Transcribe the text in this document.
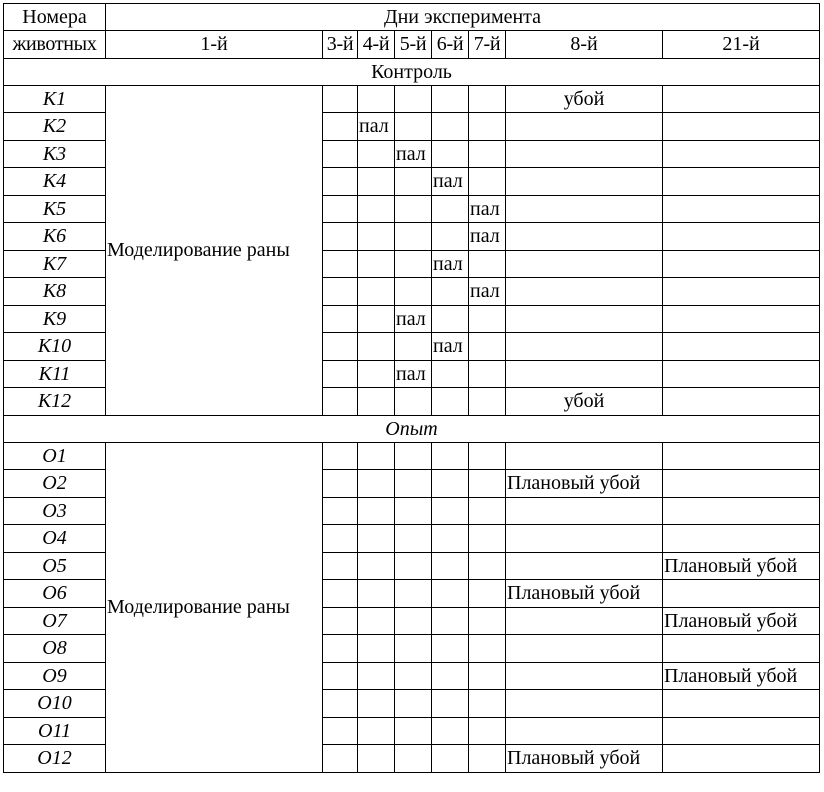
Номера	Дни эксперимента							
животных	1-й	3-й	4-й	5-й	6-й	7-й	8-й	21-й
Контроль								
К1	Моделирование раны						убой	
К2			пал					
К3				пал				
К4					пал			
К5						пал		
К6						пал		
К7					пал			
К8						пал		
К9				пал				
К10					пал			
К11				пал				
К12							убой	
Опыт								
О1	Моделирование раны							
О2							Плановый убой	
О3								
О4								
О5								Плановый убой
О6							Плановый убой	
О7								Плановый убой
О8								
О9								Плановый убой
О10								
О11								
О12							Плановый убой	
